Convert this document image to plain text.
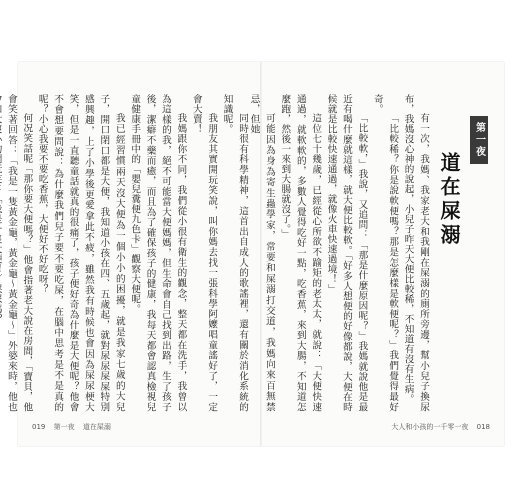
同時很有科學精神，這首出自成人的歌謠裡，還有關於消化系統的知識呢。

我朋友其實開玩笑說，叫你媽去找一張科學阿嬤唱童謠好了，一定會大賣！

我媽跟你不同，我們從小很有衛生的觀念，整天都在洗手，我曾以為這樣的我，絕不可能當大便媽媽，但生命會自己找到出路，生了孩子後，潔癖不藥而癒，而且為了確保孩子的健康，我每天都會認真檢視兒童健康手冊中的「嬰兒糞便九色卡」觀察大便呢。

我已經習慣兩天沒大便為一個小小的困擾，就是我家七歲的大兒子，開口閉口都是大便，我知道小孩在四、五歲起，就對尿尿屎屎特別感興趣，上了小學後更愛拿此不疲，雖然我有時候也會因為屎尿梗大笑，但是一直聽童話就真的很痛了，孩子便好奇為什麼是大便呢？他會不會想要問說：為什麼我們兒子要不要吃屎，在腦中思考是不是真的呢？小心我要不要吃香蕉，大便好不好吃呀？

何况笑話呢「那你要大便嗎？」他會指著老大說在房間，「寶貝，他會笑著回答：「我是一隻黃金龜，黃金龜～黃金龜～」外婆來時，他也

019 第一夜 道在屎溺
第一夜
道在屎溺

有一次，我媽、我家老大和我剛在屎溺的廁所旁邊，幫小兒子換尿布，我媽沒心神的說起，小兒子昨天大便比較稀，不知道有沒有生病。

「比較稀？你是說軟便嗎？那是怎麼樣是軟便呢？」我們覺得最好奇。

「比較軟，」我說，又追問：「那是什麼原因呢？」我媽就說他是最近有喝什麼就這樣，就大便比較軟。「好多人想便的好像都說，大便在時候就是比較快速通過，就像火車快速過境！」

這位七十幾歲，已經從心所欲不踰矩的老太太，就說：「大便快速通過，就軟軟的，多數人覺得吃好一點，吃香蕉，來到大腸，不知道怎麼跑，然後一來到大腸就沒了。」

可能因為身為寄生蟲學家，常要和屎溺打交道，我媽向來百無禁忌，但她

大人和小孩的一千零一夜 018
